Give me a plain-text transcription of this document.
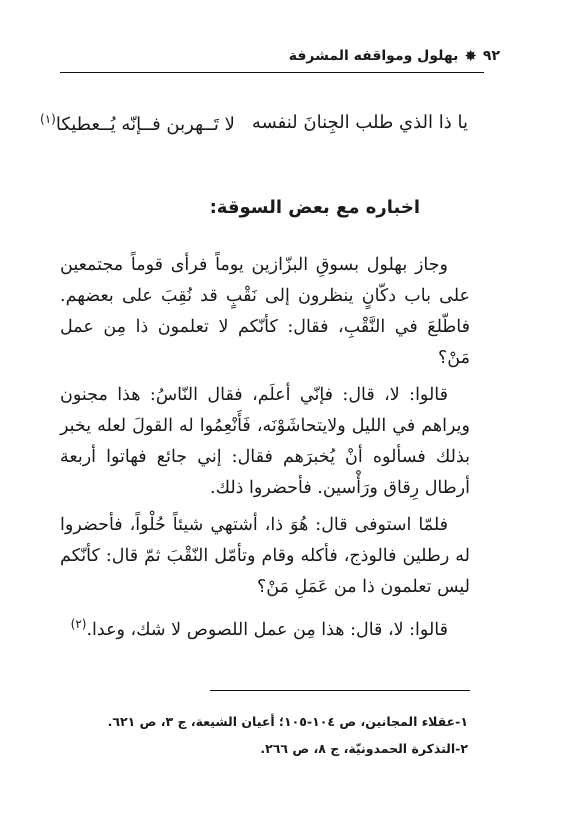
٩٢
✸
بهلول ومواقفه المشرفة
يا ذا الذي طلب الجِنانَ لنفسه
لا تَــهربن فــإنّه يُــعطيكا$^{(١)}$
اخباره مع بعض السوقة:

وجاز بهلول بسوقِ البزّازين يوماً فرأى قوماً مجتمعين على باب دكّانٍ ينظرون إلى نَقْبٍ قد نُقِبَ على بعضهم. فاطّلعَ في النَّقْبِ، فقال: كأنّكم لا تعلمون ذا مِن عمل مَنْ؟

قالوا: لا، قال: فإنّي أعلَم، فقال النّاسُ: هذا مجنون ويراهم في الليل ولايتحاشَوْنَه، فَأَنْعِمُوا له القولَ لعله يخبر بذلك فسألوه أنْ يُخبرَهم فقال: إني جائع فهاتوا أربعة أرطال رِقاق ورَأْسين. فأحضروا ذلك.

فلمّا استوفى قال: هُوَ ذا، أشتهي شيئاً حُلْواً، فأحضروا له رطلين فالوذج، فأكله وقام وتأمّل النّقْبَ ثمّ قال: كأنّكم ليس تعلمون ذا من عَمَلِ مَنْ؟

قالوا: لا، قال: هذا مِن عمل اللصوص لا شك، وعدا.$^{(٢)}$

١-عقلاء المجانين، ص ١٠٤-١٠٥؛ أعيان الشيعة، ج ٣، ص ٦٢١.
٢-التذكرة الحمدونيّة، ج ٨، ص ٢٦٦.
